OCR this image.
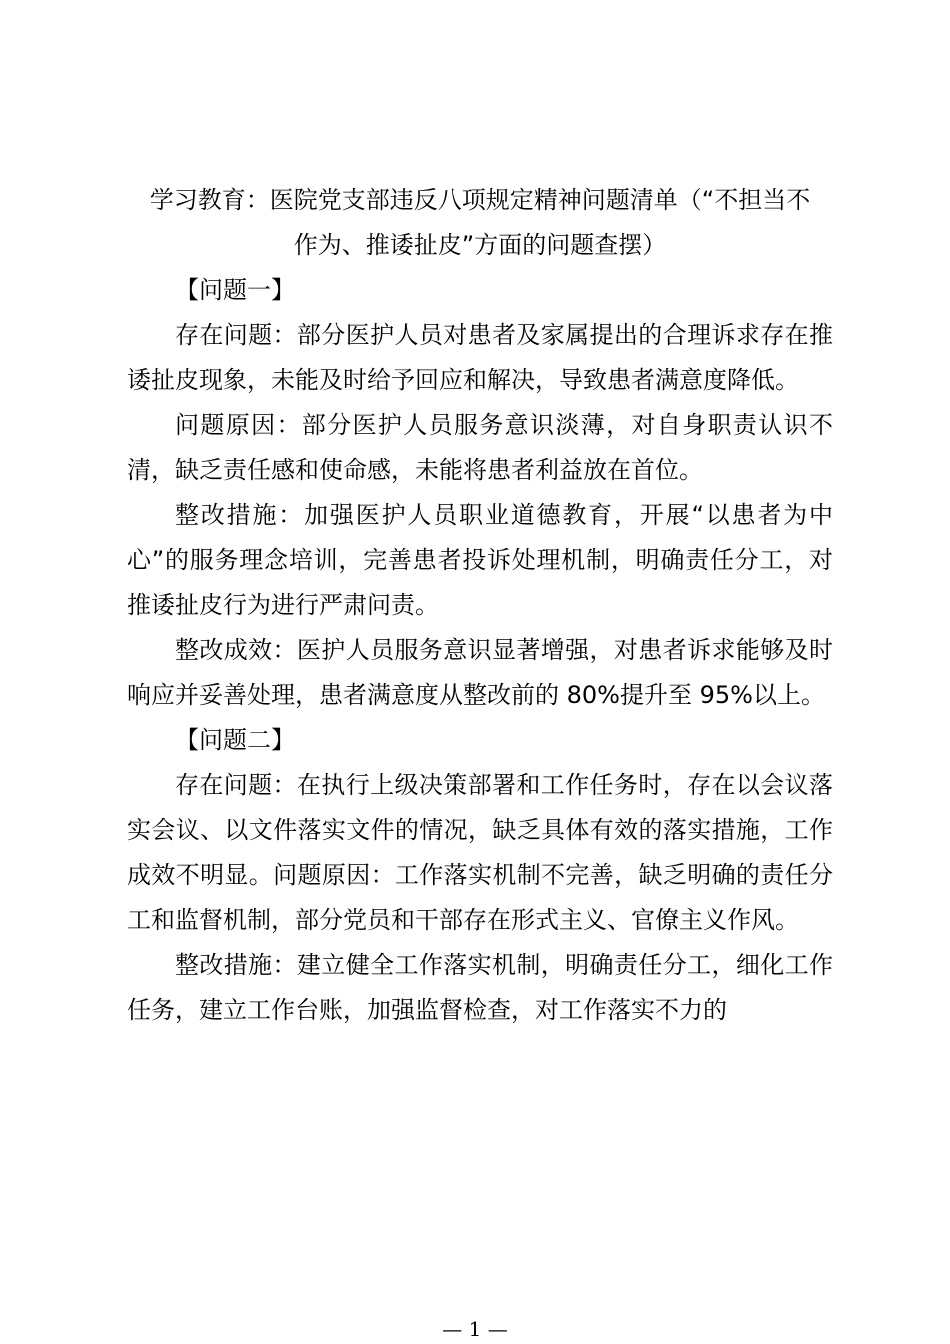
学习教育：医院党支部违反八项规定精神问题清单（“不担当不
作为、推诿扯皮”方面的问题查摆）

【问题一】

存在问题：部分医护人员对患者及家属提出的合理诉求存在推诿扯皮现象，未能及时给予回应和解决，导致患者满意度降低。

问题原因：部分医护人员服务意识淡薄，对自身职责认识不清，缺乏责任感和使命感，未能将患者利益放在首位。

整改措施：加强医护人员职业道德教育，开展“以患者为中心”的服务理念培训，完善患者投诉处理机制，明确责任分工，对推诿扯皮行为进行严肃问责。

整改成效：医护人员服务意识显著增强，对患者诉求能够及时响应并妥善处理，患者满意度从整改前的 80%提升至 95%以上。

【问题二】

存在问题：在执行上级决策部署和工作任务时，存在以会议落实会议、以文件落实文件的情况，缺乏具体有效的落实措施，工作成效不明显。问题原因：工作落实机制不完善，缺乏明确的责任分工和监督机制，部分党员和干部存在形式主义、官僚主义作风。

整改措施：建立健全工作落实机制，明确责任分工，细化工作任务，建立工作台账，加强监督检查，对工作落实不力的

— 1 —
